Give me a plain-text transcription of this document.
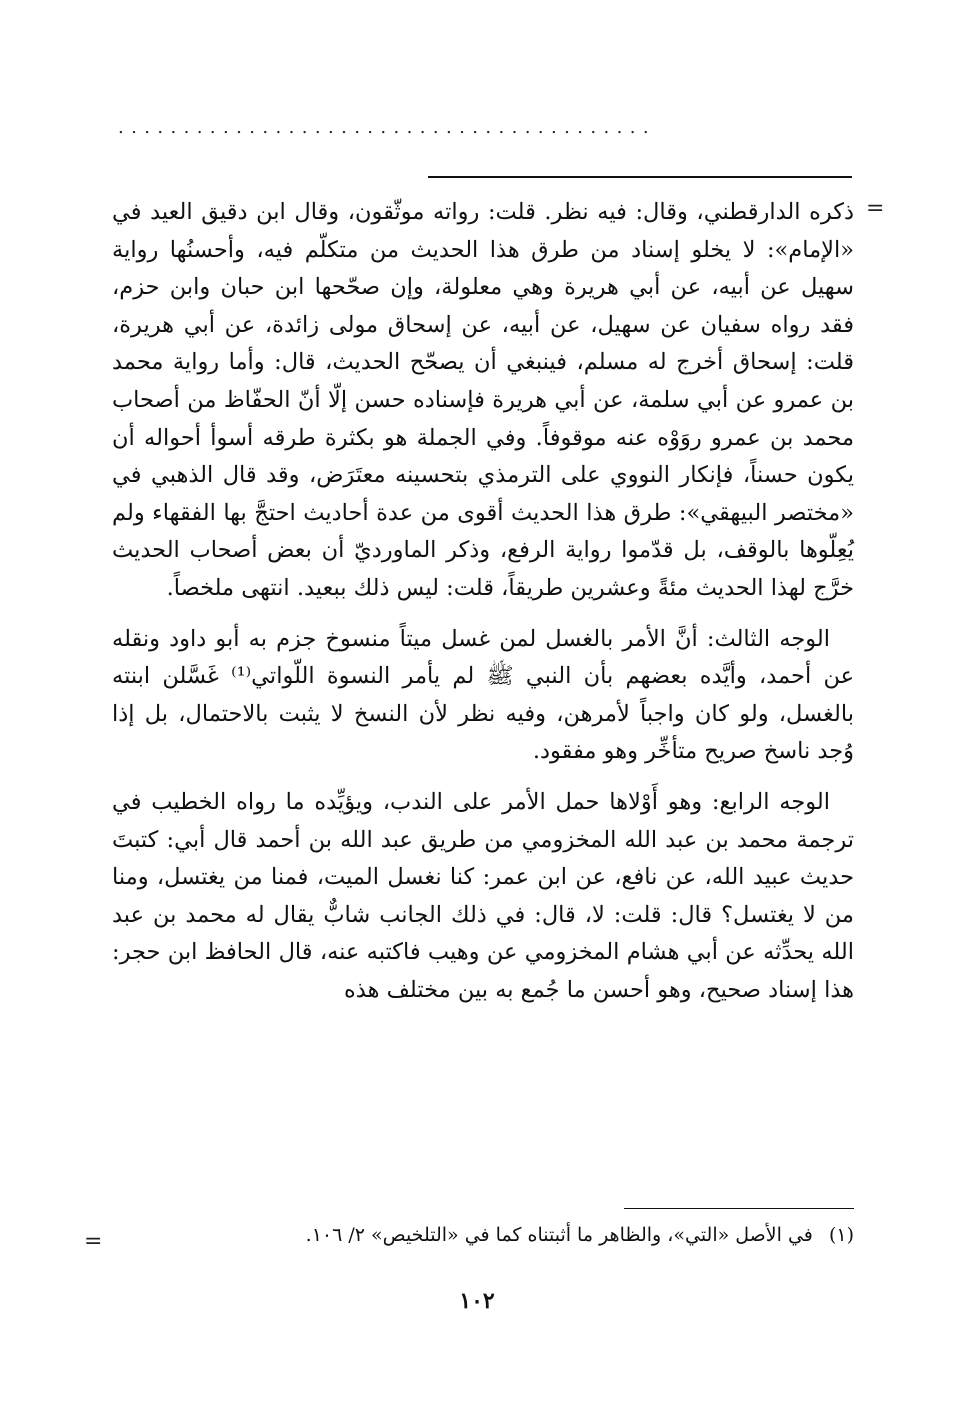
.........................................
=

ذكره الدارقطني، وقال: فيه نظر. قلت: رواته موثّقون، وقال ابن دقيق العيد في «الإمام»: لا يخلو إسناد من طرق هذا الحديث من متكلّم فيه، وأحسنُها رواية سهيل عن أبيه، عن أبي هريرة وهي معلولة، وإن صحّحها ابن حبان وابن حزم، فقد رواه سفيان عن سهيل، عن أبيه، عن إسحاق مولى زائدة، عن أبي هريرة، قلت: إسحاق أخرج له مسلم، فينبغي أن يصحّح الحديث، قال: وأما رواية محمد بن عمرو عن أبي سلمة، عن أبي هريرة فإسناده حسن إلّا أنّ الحفّاظ من أصحاب محمد بن عمرو روَوْه عنه موقوفاً. وفي الجملة هو بكثرة طرقه أسوأ أحواله أن يكون حسناً، فإنكار النووي على الترمذي بتحسينه معتَرَض، وقد قال الذهبي في «مختصر البيهقي»: طرق هذا الحديث أقوى من عدة أحاديث احتجَّ بها الفقهاء ولم يُعِلّوها بالوقف، بل قدّموا رواية الرفع، وذكر الماورديّ أن بعض أصحاب الحديث خرَّج لهذا الحديث مئةً وعشرين طريقاً، قلت: ليس ذلك ببعيد. انتهى ملخصاً.

الوجه الثالث: أنَّ الأمر بالغسل لمن غسل ميتاً منسوخ جزم به أبو داود ونقله عن أحمد، وأيَّده بعضهم بأن النبي ﷺ لم يأمر النسوة اللّواتي⁽¹⁾ غَسَّلن ابنته بالغسل، ولو كان واجباً لأمرهن، وفيه نظر لأن النسخ لا يثبت بالاحتمال، بل إذا وُجد ناسخ صريح متأخِّر وهو مفقود.

الوجه الرابع: وهو أَوْلاها حمل الأمر على الندب، ويؤيِّده ما رواه الخطيب في ترجمة محمد بن عبد الله المخزومي من طريق عبد الله بن أحمد قال أبي: كتبتَ حديث عبيد الله، عن نافع، عن ابن عمر: كنا نغسل الميت، فمنا من يغتسل، ومنا من لا يغتسل؟ قال: قلت: لا، قال: في ذلك الجانب شابٌّ يقال له محمد بن عبد الله يحدِّثه عن أبي هشام المخزومي عن وهيب فاكتبه عنه، قال الحافظ ابن حجر: هذا إسناد صحيح، وهو أحسن ما جُمع به بين مختلف هذه

(١) في الأصل «التي»، والظاهر ما أثبتناه كما في «التلخيص» ٢/ ١٠٦.
=
١٠٢
